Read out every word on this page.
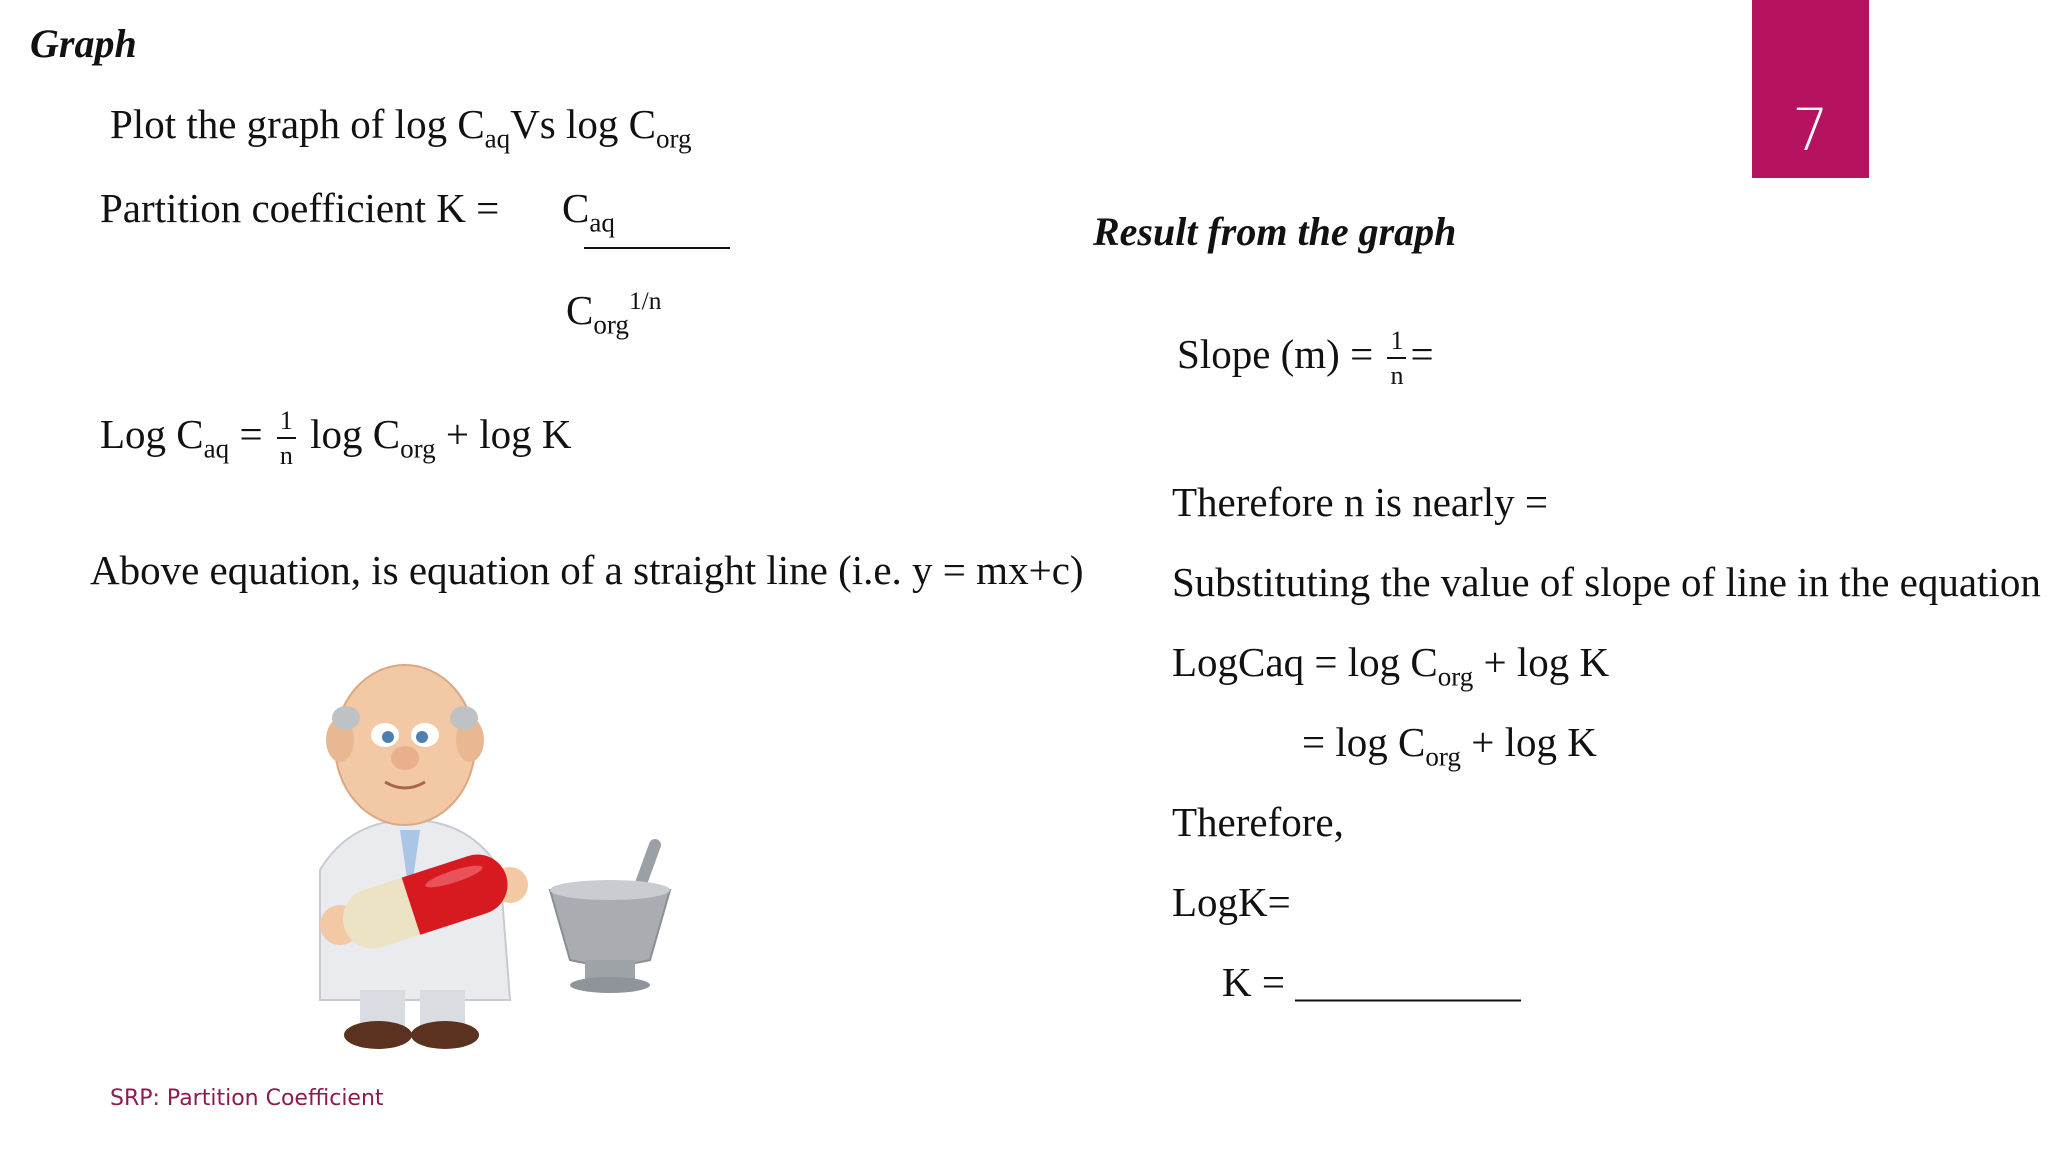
7
Graph
Plot the graph of $\log C_{aq}Vs$ $\log C_{org}$
Partition coefficient $K = C_{aq}$
$C_{org}^{1/n}$
Log $C_{aq} = \frac{1}{n}$ $\log C_{org} + \log K$
Above equation, is equation of a straight line (i.e. y = mx+c)
Result from the graph
Slope $(m) = \frac{1}{n}$ =
Therefore n is nearly =
Substituting the value of slope of line in the equation
LogCaq = $\log C_{org} + \log K$
= $\log C_{org} + \log K$
Therefore,
LogK=
K = ___________
SRP: Partition Coefficient
